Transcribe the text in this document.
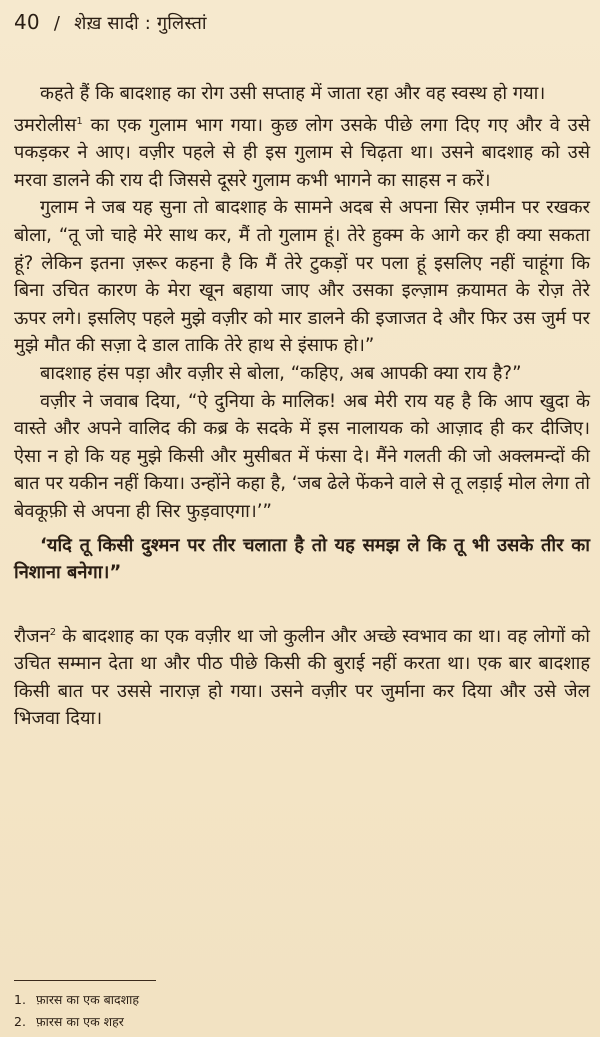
40 / शेख़ सादी : गुलिस्तां

कहते हैं कि बादशाह का रोग उसी सप्ताह में जाता रहा और वह स्वस्थ हो गया।

उमरोलीस$^1$ का एक गुलाम भाग गया। कुछ लोग उसके पीछे लगा दिए गए और वे उसे पकड़कर ने आए। वज़ीर पहले से ही इस गुलाम से चिढ़ता था। उसने बादशाह को उसे मरवा डालने की राय दी जिससे दूसरे गुलाम कभी भागने का साहस न करें।

गुलाम ने जब यह सुना तो बादशाह के सामने अदब से अपना सिर ज़मीन पर रखकर बोला, “तू जो चाहे मेरे साथ कर, मैं तो गुलाम हूं। तेरे हुक्म के आगे कर ही क्या सकता हूं? लेकिन इतना ज़रूर कहना है कि मैं तेरे टुकड़ों पर पला हूं इसलिए नहीं चाहूंगा कि बिना उचित कारण के मेरा खून बहाया जाए और उसका इल्ज़ाम क़यामत के रोज़ तेरे ऊपर लगे। इसलिए पहले मुझे वज़ीर को मार डालने की इजाजत दे और फिर उस जुर्म पर मुझे मौत की सज़ा दे डाल ताकि तेरे हाथ से इंसाफ हो।”

बादशाह हंस पड़ा और वज़ीर से बोला, “कहिए, अब आपकी क्या राय है?”

वज़ीर ने जवाब दिया, “ऐ दुनिया के मालिक! अब मेरी राय यह है कि आप खुदा के वास्ते और अपने वालिद की कब्र के सदके में इस नालायक को आज़ाद ही कर दीजिए। ऐसा न हो कि यह मुझे किसी और मुसीबत में फंसा दे। मैंने गलती की जो अक्लमन्दों की बात पर यकीन नहीं किया। उन्होंने कहा है, ‘जब ढेले फेंकने वाले से तू लड़ाई मोल लेगा तो बेवकूफ़ी से अपना ही सिर फुड़वाएगा।’”

‘यदि तू किसी दुश्मन पर तीर चलाता है तो यह समझ ले कि तू भी उसके तीर का निशाना बनेगा।”

रौजन$^2$ के बादशाह का एक वज़ीर था जो कुलीन और अच्छे स्वभाव का था। वह लोगों को उचित सम्मान देता था और पीठ पीछे किसी की बुराई नहीं करता था। एक बार बादशाह किसी बात पर उससे नाराज़ हो गया। उसने वज़ीर पर जुर्माना कर दिया और उसे जेल भिजवा दिया।

1. फ़ारस का एक बादशाह
2. फ़ारस का एक शहर
